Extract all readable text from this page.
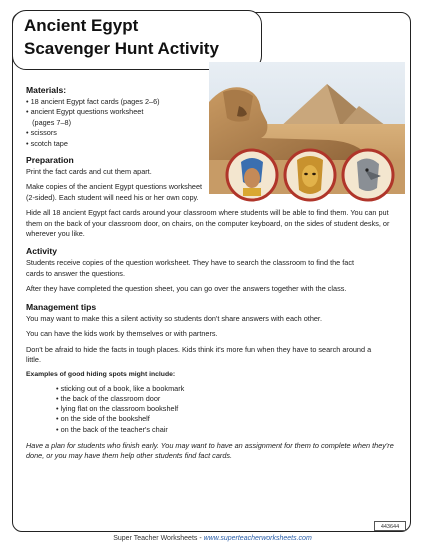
Ancient Egypt
Scavenger Hunt Activity
Materials:
• 18 ancient Egypt fact cards (pages 2–6)
• ancient Egypt questions worksheet
(pages 7–8)
• scissors
• scotch tape
Preparation
Print the fact cards and cut them apart.
Make copies of the ancient Egypt questions worksheet (2-sided). Each student will need his or her own copy.
Hide all 18 ancient Egypt fact cards around your classroom where students will be able to find them. You can put them on the back of your classroom door, on chairs, on the computer keyboard, on the sides of student desks, or wherever you like.
Activity
Students receive copies of the question worksheet. They have to search the classroom to find the fact cards to answer the questions.
After they have completed the question sheet, you can go over the answers together with the class.
Management tips
You may want to make this a silent activity so students don't share answers with each other.
You can have the kids work by themselves or with partners.
Don't be afraid to hide the facts in tough places. Kids think it's more fun when they have to search around a little.
Examples of good hiding spots might include:
• sticking out of a book, like a bookmark
• the back of the classroom door
• lying flat on the classroom bookshelf
• on the side of the bookshelf
• on the back of the teacher's chair
Have a plan for students who finish early. You may want to have an assignment for them to complete when they're done, or you may have them help other students find fact cards.
443644
Super Teacher Worksheets - www.superteacherworksheets.com
